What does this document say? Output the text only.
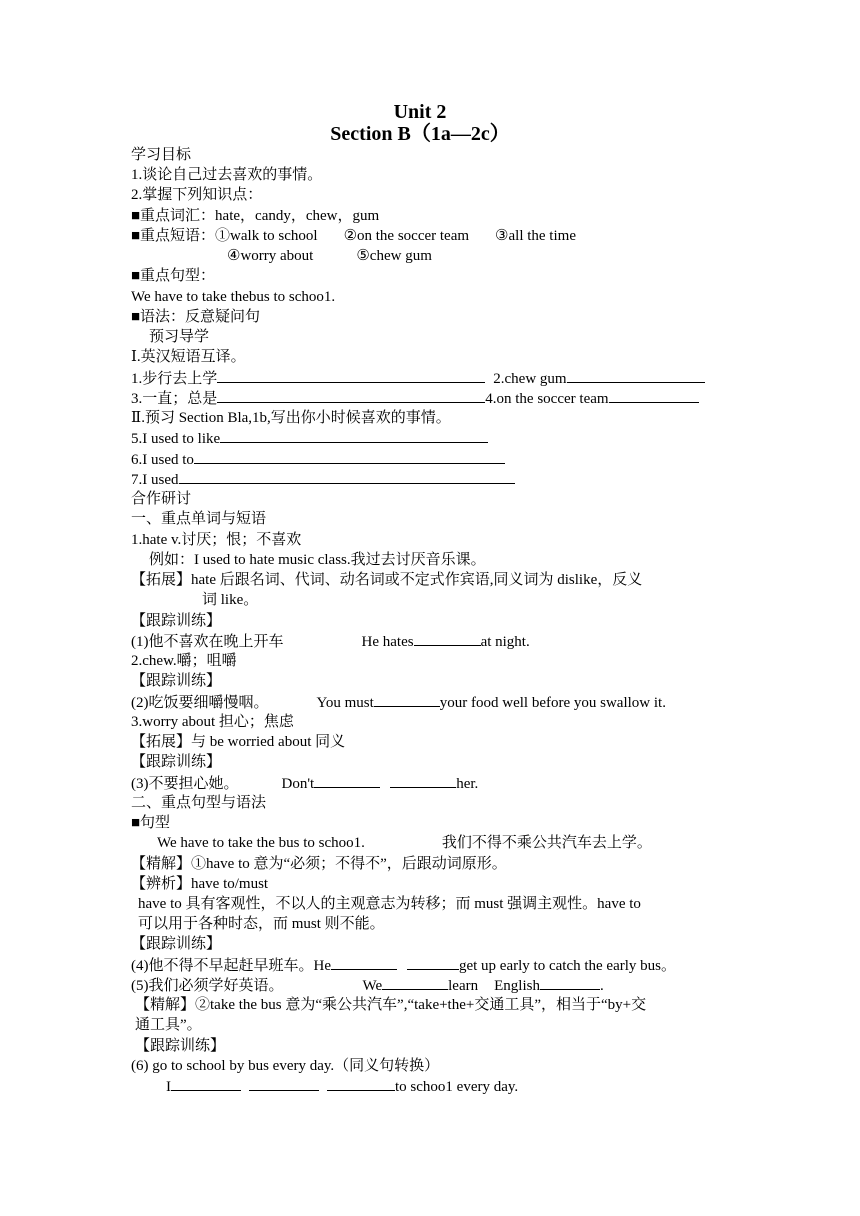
Unit 2
Section B（1a—2c）
学习目标
1.谈论自己过去喜欢的事情。
2.掌握下列知识点：
■重点词汇：hate，candy，chew，gum
■重点短语：①walk to school ②on the soccer team ③all the time
④worry about	⑤chew gum
■重点句型：
We have to take thebus to schoo1.
■语法：反意疑问句
预习导学
Ⅰ.英汉短语互译。
1.步行去上学	2.chew gum
3.一直；总是	4.on the soccer team
Ⅱ.预习 Section Bla,1b,写出你小时候喜欢的事情。
5.I used to like
6.I used to
7.I used
合作研讨
一、重点单词与短语
1.hate v.讨厌；恨；不喜欢
例如：I used to hate music class.我过去讨厌音乐课。
【拓展】hate 后跟名词、代词、动名词或不定式作宾语,同义词为 dislike，反义
词 like。
【跟踪训练】
(1)他不喜欢在晚上开车	He hates	at night.
2.chew.嚼；咀嚼
【跟踪训练】
(2)吃饭要细嚼慢咽。	You must	your food well before you swallow it.
3.worry about 担心；焦虑
【拓展】与 be worried about 同义
【跟踪训练】
(3)不要担心她。	Don't	her.
二、重点句型与语法
■句型
We have to take the bus to schoo1.	我们不得不乘公共汽车去上学。
【精解】①have to 意为“必须；不得不”，后跟动词原形。
【辨析】have to/must
have to 具有客观性，不以人的主观意志为转移；而 must 强调主观性。have to
可以用于各种时态，而 must 则不能。
【跟踪训练】
(4)他不得不早起赶早班车。He	get up early to catch the early bus。
(5)我们必须学好英语。	We	learn English	.
【精解】②take the bus 意为“乘公共汽车”,“take+the+交通工具”，相当于“by+交
通工具”。
【跟踪训练】
(6) go to school by bus every day.（同义句转换）
I	to schoo1 every day.
